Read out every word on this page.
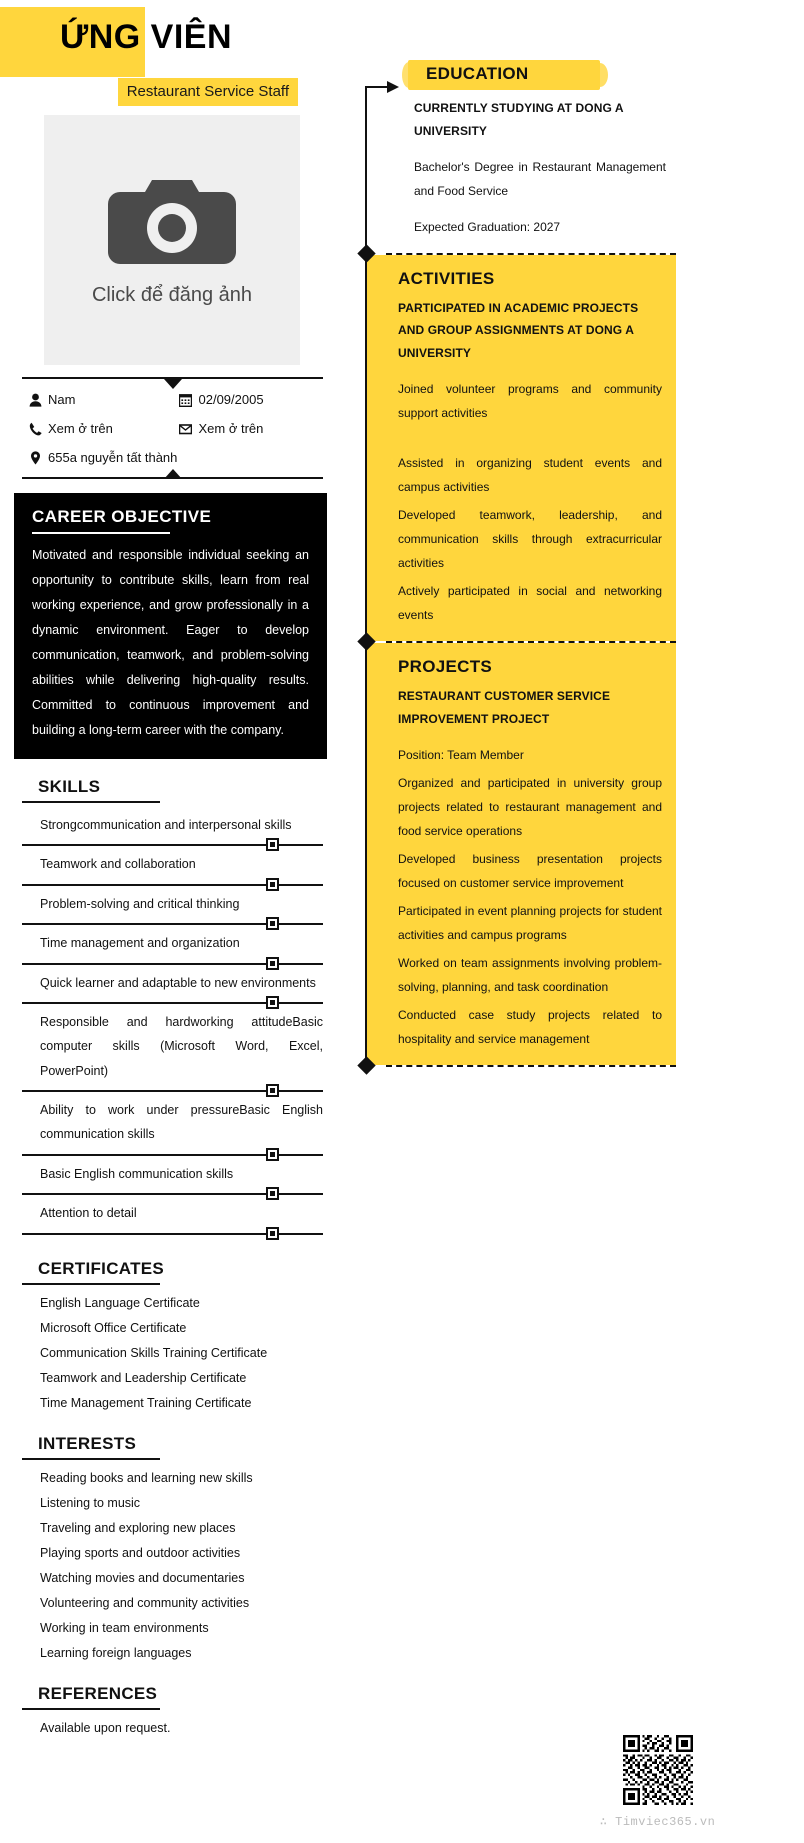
ỨNG VIÊN
Restaurant Service Staff
Click để đăng ảnh
Nam	02/09/2005
Xem ở trên	Xem ở trên
655a nguyễn tất thành
CAREER OBJECTIVE

Motivated and responsible individual seeking an opportunity to contribute skills, learn from real working experience, and grow professionally in a dynamic environment. Eager to develop communication, teamwork, and problem-solving abilities while delivering high-quality results. Committed to continuous improvement and building a long-term career with the company.

SKILLS
Strongcommunication and interpersonal skills
Teamwork and collaboration
Problem-solving and critical thinking
Time management and organization
Quick learner and adaptable to new environments
Responsible and hardworking attitudeBasic computer skills (Microsoft Word, Excel, PowerPoint)
Ability to work under pressureBasic English communication skills
Basic English communication skills
Attention to detail
CERTIFICATES
English Language Certificate
Microsoft Office Certificate
Communication Skills Training Certificate
Teamwork and Leadership Certificate
Time Management Training Certificate
INTERESTS
Reading books and learning new skills
Listening to music
Traveling and exploring new places
Playing sports and outdoor activities
Watching movies and documentaries
Volunteering and community activities
Working in team environments
Learning foreign languages
REFERENCES
Available upon request.
EDUCATION
CURRENTLY STUDYING AT DONG A UNIVERSITY
Bachelor's Degree in Restaurant Management and Food Service
Expected Graduation: 2027
ACTIVITIES
PARTICIPATED IN ACADEMIC PROJECTS AND GROUP ASSIGNMENTS AT DONG A UNIVERSITY
Joined volunteer programs and community support activities
Assisted in organizing student events and campus activities
Developed teamwork, leadership, and communication skills through extracurricular activities
Actively participated in social and networking events
PROJECTS
RESTAURANT CUSTOMER SERVICE IMPROVEMENT PROJECT
Position: Team Member
Organized and participated in university group projects related to restaurant management and food service operations
Developed business presentation projects focused on customer service improvement
Participated in event planning projects for student activities and campus programs
Worked on team assignments involving problem-solving, planning, and task coordination
Conducted case study projects related to hospitality and service management
∴ Timviec365.vn
